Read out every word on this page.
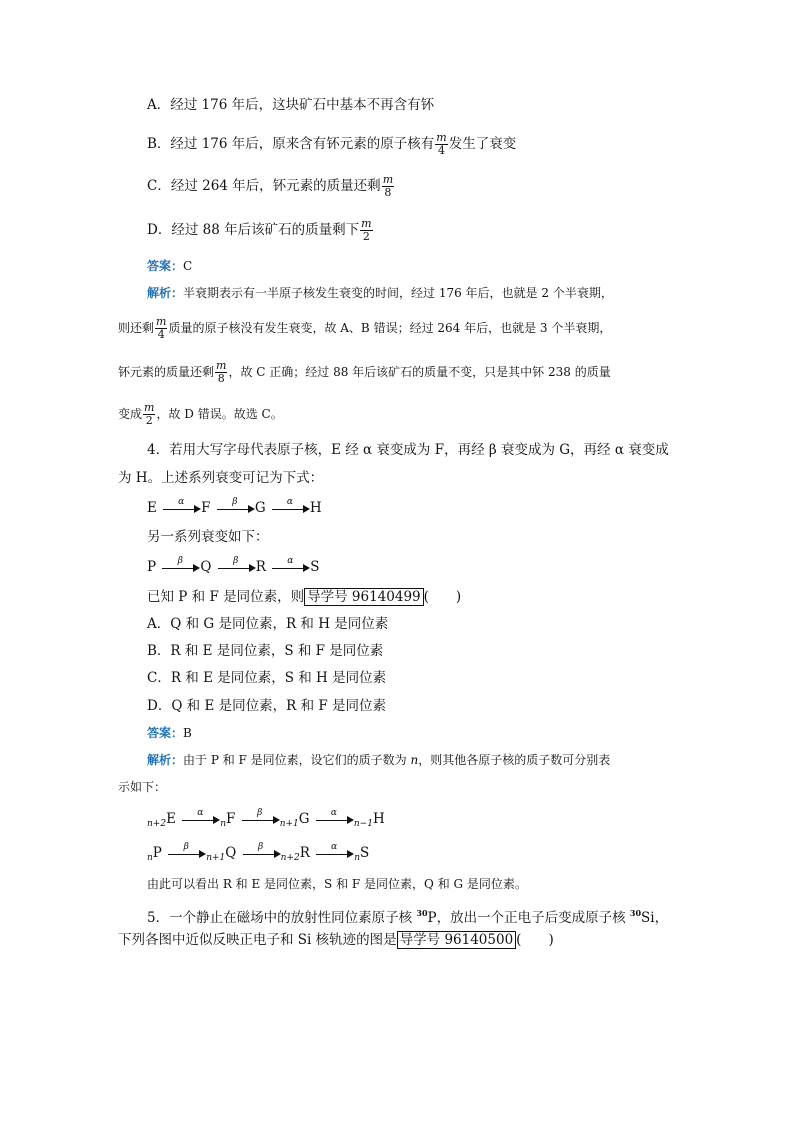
A．经过 176 年后，这块矿石中基本不再含有钚
B．经过 176 年后，原来含有钚元素的原子核有 $\frac{m}{4}$ 发生了衰变
C．经过 264 年后，钚元素的质量还剩 $\frac{m}{8}$
D．经过 88 年后该矿石的质量剩下 $\frac{m}{2}$
答案：C
解析：半衰期表示有一半原子核发生衰变的时间，经过 176 年后，也就是 2 个半衰期，
则还剩 $\frac{m}{4}$ 质量的原子核没有发生衰变，故 A、B 错误；经过 264 年后，也就是 3 个半衰期，
钚元素的质量还剩 $\frac{m}{8}$ ，故 C 正确；经过 88 年后该矿石的质量不变，只是其中钚 238 的质量
变成 $\frac{m}{2}$ ，故 D 错误。故选 C。
4．若用大写字母代表原子核，E 经 α 衰变成为 F，再经 β 衰变成为 G，再经 α 衰变成
为 H。上述系列衰变可记为下式：
E	α	F	β	G	α	H
另一系列衰变如下：
P	β	Q	β	R	α	S
已知 P 和 F 是同位素，则 导学号 96140499 (　　)
A．Q 和 G 是同位素，R 和 H 是同位素
B．R 和 E 是同位素，S 和 F 是同位素
C．R 和 E 是同位素，S 和 H 是同位素
D．Q 和 E 是同位素，R 和 F 是同位素
答案：B
解析：由于 P 和 F 是同位素，设它们的质子数为 n，则其他各原子核的质子数可分别表
示如下：
$_{n+2}$E	α
$_n$F	β
$_{n+1}$G	α
$_{n-1}$H
$_n$P	β
$_{n+1}$Q	β
$_{n+2}$R	α
$_n$S
由此可以看出 R 和 E 是同位素，S 和 F 是同位素，Q 和 G 是同位素。
5．一个静止在磁场中的放射性同位素原子核 $^{30}$P，放出一个正电子后变成原子核 $^{30}$Si，
下列各图中近似反映正电子和 Si 核轨迹的图是 导学号 96140500 (　　)
